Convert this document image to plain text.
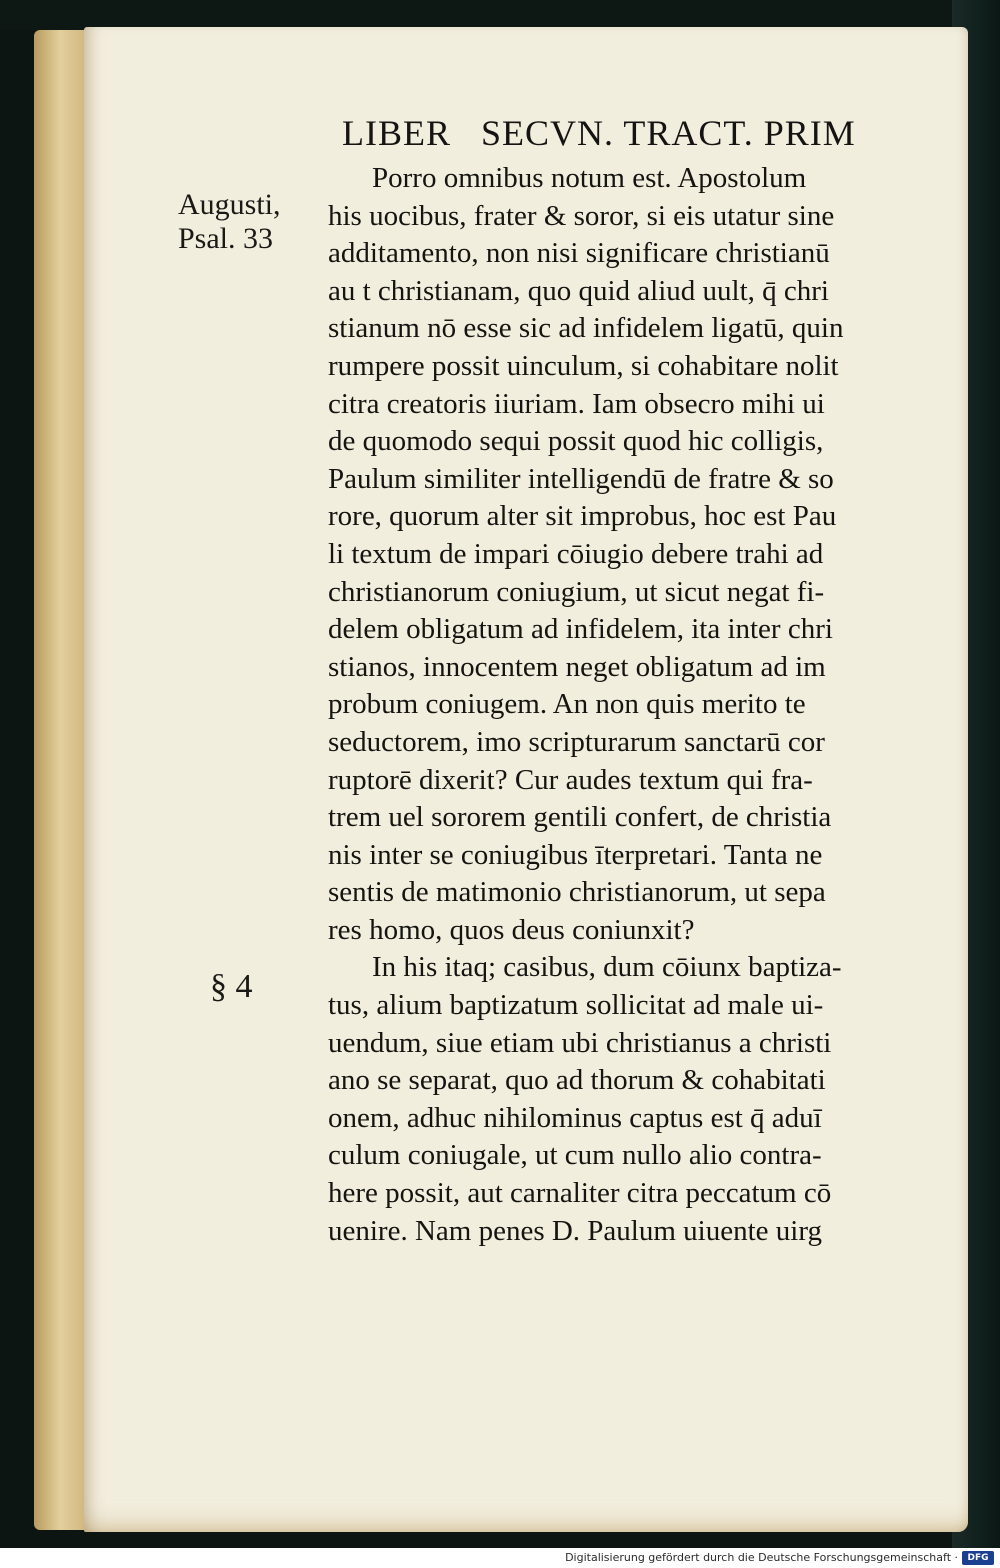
LIBER   SECVN. TRACT. PRIM
Augusti,
Psal. 33
§ 4
Porro omnibus notum est. Apostolum
his uocibus, frater & soror, si eis utatur sine
additamento, non nisi significare christianū
au t christianam, quo quid aliud uult, q̄ chri
stianum nō esse sic ad infidelem ligatū, quin
rumpere possit uinculum, si cohabitare nolit
citra creatoris iiuriam. Iam obsecro mihi ui
de quomodo sequi possit quod hic colligis,
Paulum similiter intelligendū de fratre & so
rore, quorum alter sit improbus, hoc est Pau
li textum de impari cōiugio debere trahi ad
christianorum coniugium, ut sicut negat fi-
delem obligatum ad infidelem, ita inter chri
stianos, innocentem neget obligatum ad im
probum coniugem. An non quis merito te
seductorem, imo scripturarum sanctarū cor
ruptorē dixerit? Cur audes textum qui fra-
trem uel sororem gentili confert, de christia
nis inter se coniugibus īterpretari. Tanta ne
sentis de matimonio christianorum, ut sepa
res homo, quos deus coniunxit?
In his itaq; casibus, dum cōiunx baptiza-
tus, alium baptizatum sollicitat ad male ui-
uendum, siue etiam ubi christianus a christi
ano se separat, quo ad thorum & cohabitati
onem, adhuc nihilominus captus est q̄ aduī
culum coniugale, ut cum nullo alio contra-
here possit, aut carnaliter citra peccatum cō
uenire. Nam penes D. Paulum uiuente uirg
Digitalisierung gefördert durch die Deutsche Forschungsgemeinschaft ·	DFG
